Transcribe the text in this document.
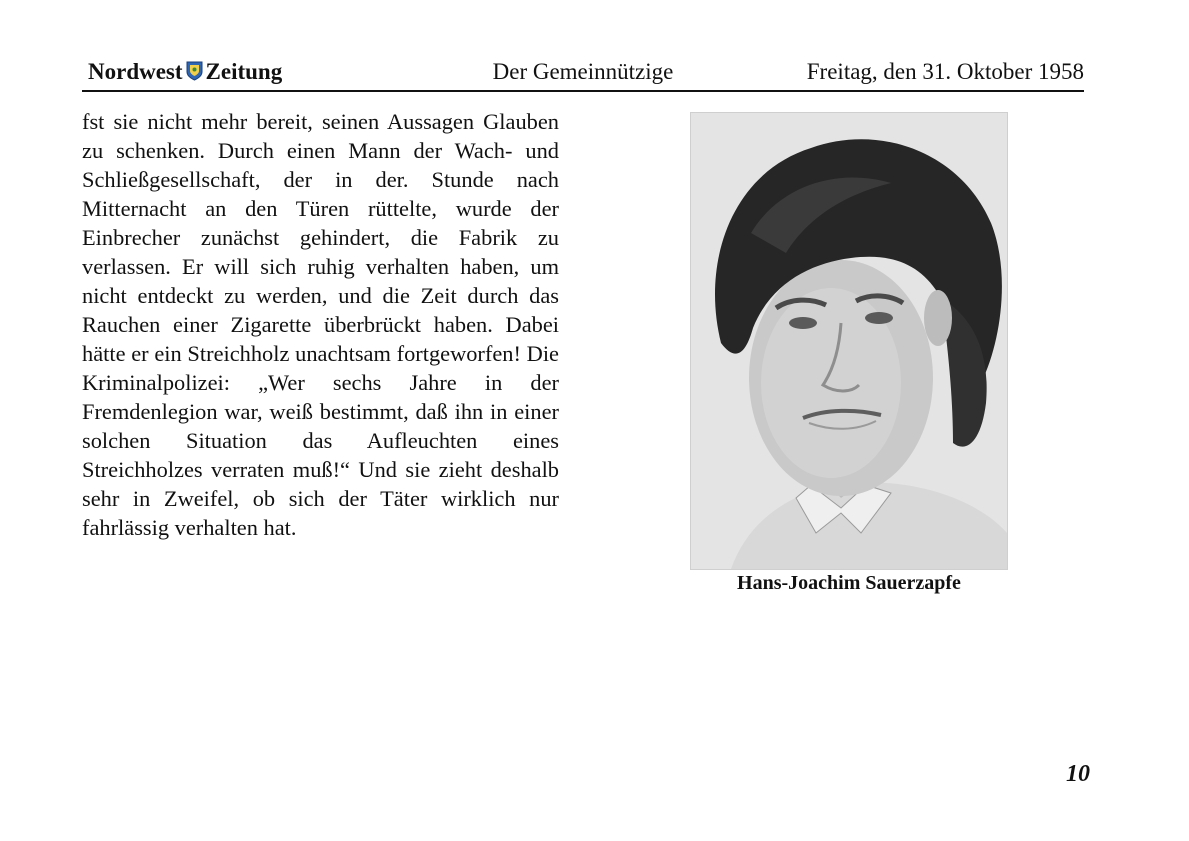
Nordwest Zeitung	Der Gemeinnützige	Freitag, den 31. Oktober 1958

fst sie nicht mehr bereit, seinen Aussagen Glauben zu schenken. Durch einen Mann der Wach- und Schließgesellschaft, der in der. Stunde nach Mitternacht an den Türen rüttelte, wurde der Einbrecher zunächst gehindert, die Fabrik zu verlassen. Er will sich ruhig verhalten haben, um nicht entdeckt zu werden, und die Zeit durch das Rauchen einer Zigarette überbrückt haben. Dabei hätte er ein Streichholz unachtsam fortgeworfen! Die Kriminalpolizei: „Wer sechs Jahre in der Fremdenlegion war, weiß bestimmt, daß ihn in einer solchen Situation das Aufleuchten eines Streichholzes verraten muß!“ Und sie zieht deshalb sehr in Zweifel, ob sich der Täter wirklich nur fahrlässig verhalten hat.

Hans-Joachim Sauerzapfe
10
